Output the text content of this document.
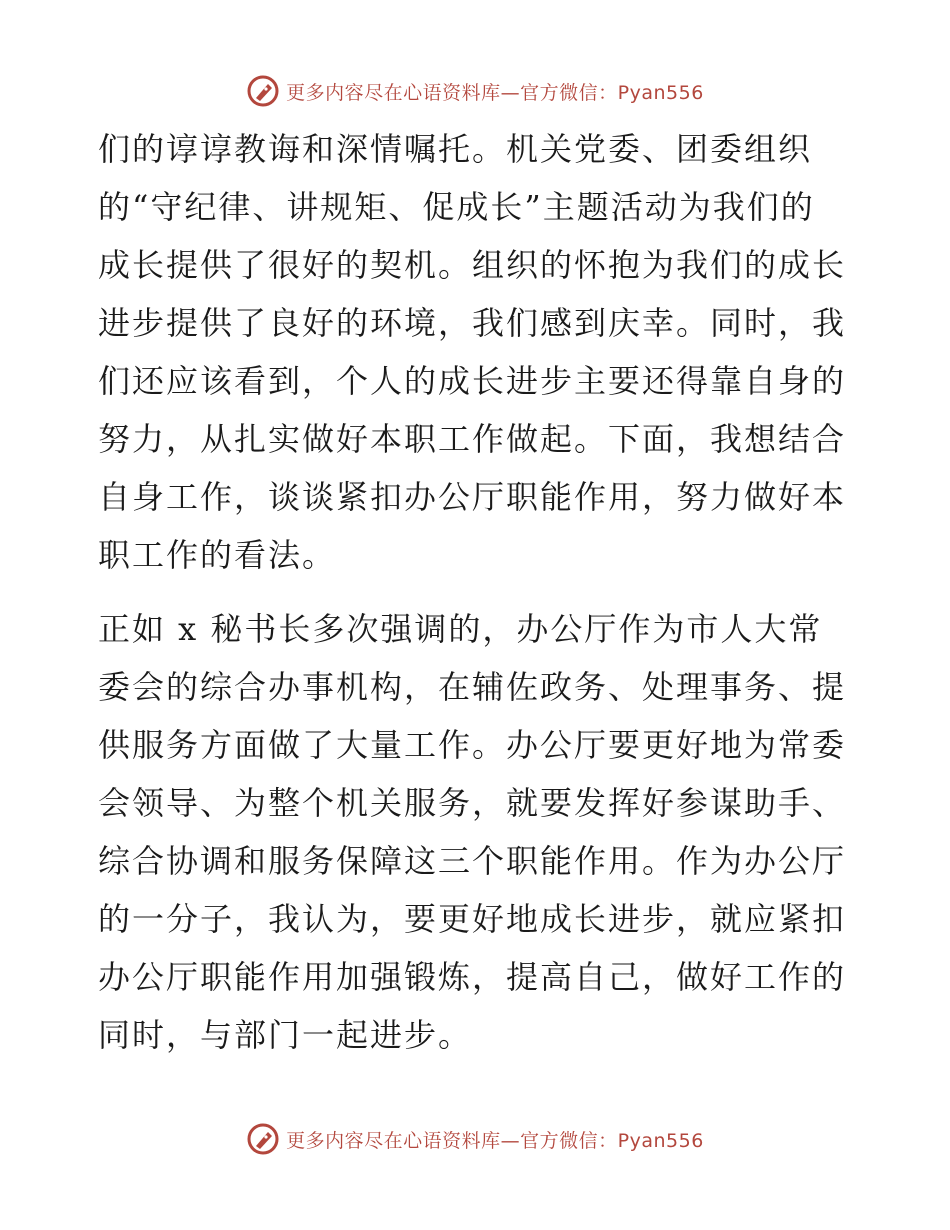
更多内容尽在心语资料库—官方微信：Pyan556
们的谆谆教诲和深情嘱托。机关党委、团委组织
的“守纪律、讲规矩、促成长”主题活动为我们的
成长提供了很好的契机。组织的怀抱为我们的成长
进步提供了良好的环境，我们感到庆幸。同时，我
们还应该看到，个人的成长进步主要还得靠自身的
努力，从扎实做好本职工作做起。下面，我想结合
自身工作，谈谈紧扣办公厅职能作用，努力做好本
职工作的看法。
正如 x 秘书长多次强调的，办公厅作为市人大常
委会的综合办事机构，在辅佐政务、处理事务、提
供服务方面做了大量工作。办公厅要更好地为常委
会领导、为整个机关服务，就要发挥好参谋助手、
综合协调和服务保障这三个职能作用。作为办公厅
的一分子，我认为，要更好地成长进步，就应紧扣
办公厅职能作用加强锻炼，提高自己，做好工作的
同时，与部门一起进步。
更多内容尽在心语资料库—官方微信：Pyan556
